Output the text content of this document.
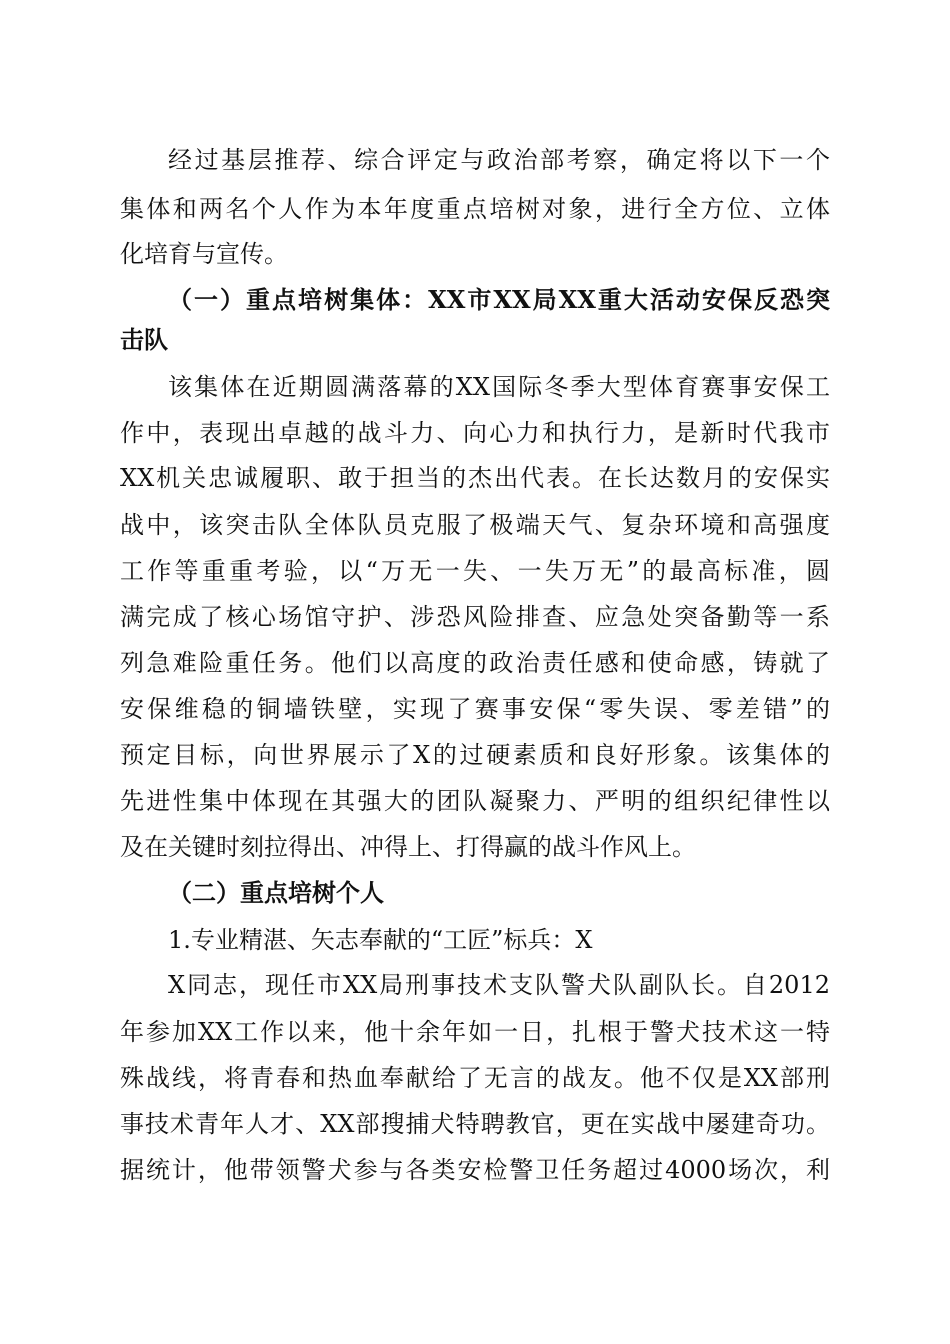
经过基层推荐、综合评定与政治部考察，确定将以下一个
集体和两名个人作为本年度重点培树对象，进行全方位、立体
化培育与宣传。
（一）重点培树集体：XX市XX局XX重大活动安保反恐突
击队
该集体在近期圆满落幕的XX国际冬季大型体育赛事安保工
作中，表现出卓越的战斗力、向心力和执行力，是新时代我市
XX机关忠诚履职、敢于担当的杰出代表。在长达数月的安保实
战中，该突击队全体队员克服了极端天气、复杂环境和高强度
工作等重重考验，以“万无一失、一失万无”的最高标准，圆
满完成了核心场馆守护、涉恐风险排查、应急处突备勤等一系
列急难险重任务。他们以高度的政治责任感和使命感，铸就了
安保维稳的铜墙铁壁，实现了赛事安保“零失误、零差错”的
预定目标，向世界展示了X的过硬素质和良好形象。该集体的
先进性集中体现在其强大的团队凝聚力、严明的组织纪律性以
及在关键时刻拉得出、冲得上、打得赢的战斗作风上。
（二）重点培树个人
1.专业精湛、矢志奉献的“工匠”标兵：X
X同志，现任市XX局刑事技术支队警犬队副队长。自2012
年参加XX工作以来，他十余年如一日，扎根于警犬技术这一特
殊战线，将青春和热血奉献给了无言的战友。他不仅是XX部刑
事技术青年人才、XX部搜捕犬特聘教官，更在实战中屡建奇功。
据统计，他带领警犬参与各类安检警卫任务超过4000场次，利
